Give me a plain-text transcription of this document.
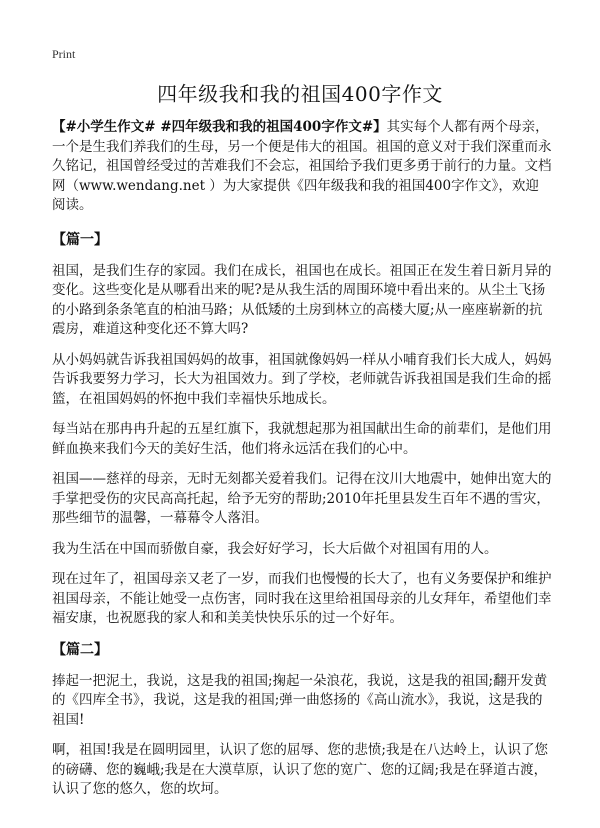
Print
四年级我和我的祖国400字作文

【#小学生作文# #四年级我和我的祖国400字作文#】其实每个人都有两个母亲，一个是生我们养我们的生母，另一个便是伟大的祖国。祖国的意义对于我们深重而永久铭记，祖国曾经受过的苦难我们不会忘，祖国给予我们更多勇于前行的力量。文档网（www.wendang.net ）为大家提供《四年级我和我的祖国400字作文》，欢迎阅读。

【篇一】

祖国，是我们生存的家园。我们在成长，祖国也在成长。祖国正在发生着日新月异的变化。这些变化是从哪看出来的呢?是从我生活的周围环境中看出来的。从尘土飞扬的小路到条条笔直的柏油马路；从低矮的土房到林立的高楼大厦;从一座座崭新的抗震房，难道这种变化还不算大吗?

从小妈妈就告诉我祖国妈妈的故事，祖国就像妈妈一样从小哺育我们长大成人，妈妈告诉我要努力学习，长大为祖国效力。到了学校，老师就告诉我祖国是我们生命的摇篮，在祖国妈妈的怀抱中我们幸福快乐地成长。

每当站在那冉冉升起的五星红旗下，我就想起那为祖国献出生命的前辈们，是他们用鲜血换来我们今天的美好生活，他们将永远活在我们的心中。

祖国——慈祥的母亲，无时无刻都关爱着我们。记得在汶川大地震中，她伸出宽大的手掌把受伤的灾民高高托起，给予无穷的帮助;2010年托里县发生百年不遇的雪灾，那些细节的温馨，一幕幕令人落泪。

我为生活在中国而骄傲自豪，我会好好学习，长大后做个对祖国有用的人。

现在过年了，祖国母亲又老了一岁，而我们也慢慢的长大了，也有义务要保护和维护祖国母亲，不能让她受一点伤害，同时我在这里给祖国母亲的儿女拜年，希望他们幸福安康，也祝愿我的家人和和美美快快乐乐的过一个好年。

【篇二】

捧起一把泥土，我说，这是我的祖国;掬起一朵浪花，我说，这是我的祖国;翻开发黄的《四库全书》，我说，这是我的祖国;弹一曲悠扬的《高山流水》，我说，这是我的祖国!

啊，祖国!我是在圆明园里，认识了您的屈辱、您的悲愤;我是在八达岭上，认识了您的磅礴、您的巍峨;我是在大漠草原，认识了您的宽广、您的辽阔;我是在驿道古渡，认识了您的悠久，您的坎坷。
